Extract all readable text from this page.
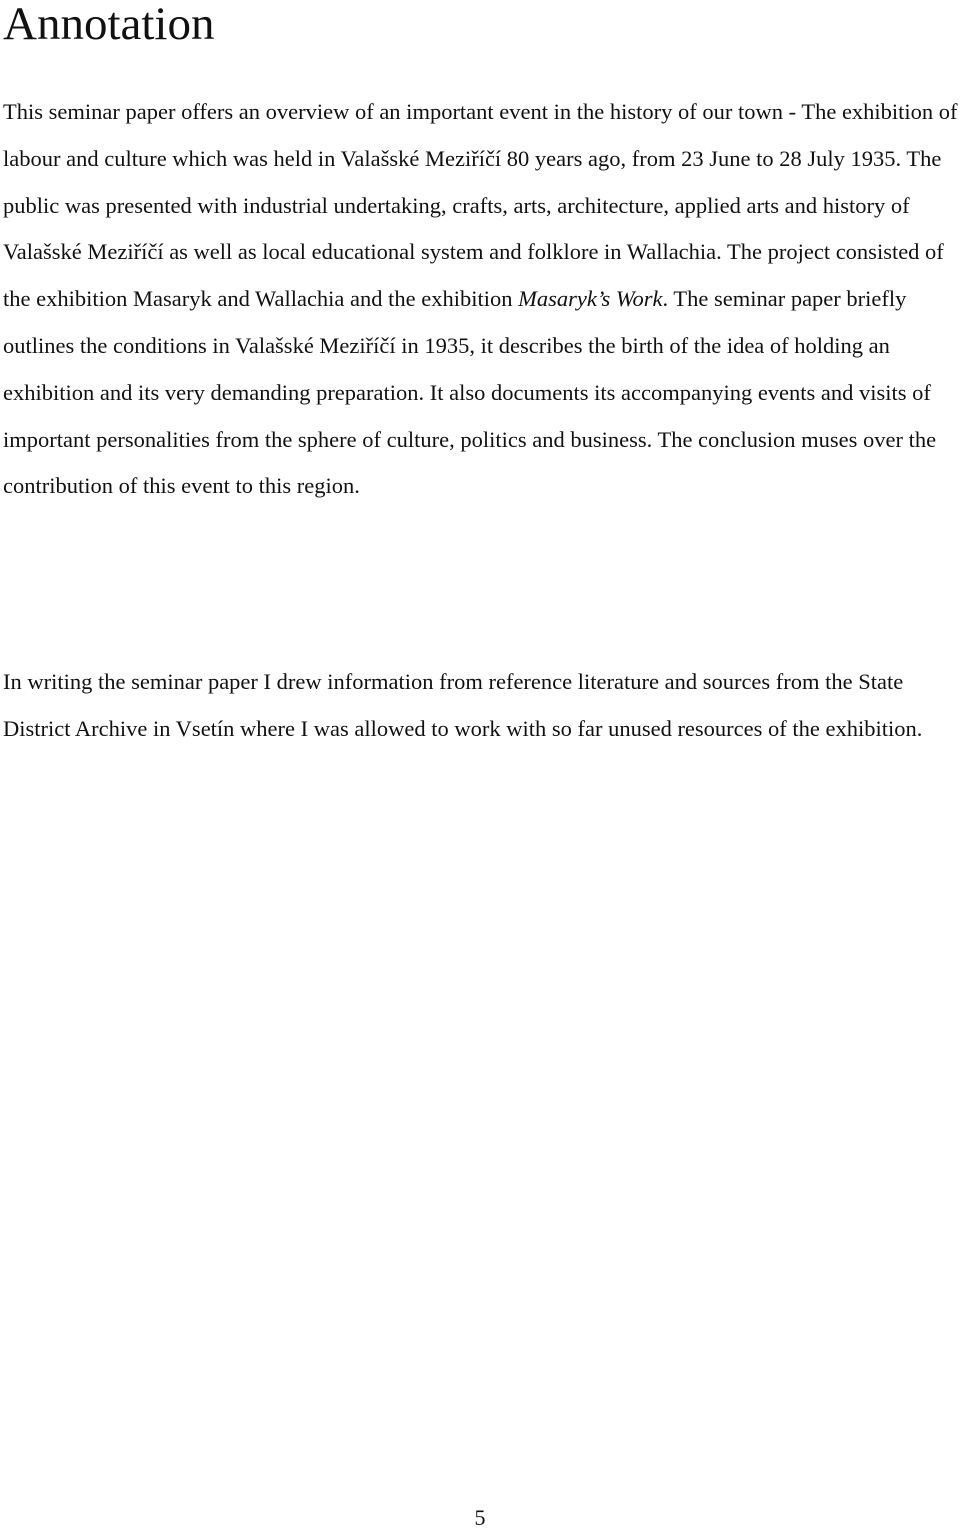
Annotation

This seminar paper offers an overview of an important event in the history of our town - The exhibition of labour and culture which was held in Valašské Meziříčí 80 years ago, from 23 June to 28 July 1935. The public was presented with industrial undertaking, crafts, arts, architecture, applied arts and history of Valašské Meziříčí as well as local educational system and folklore in Wallachia. The project consisted of the exhibition Masaryk and Wallachia and the exhibition Masaryk’s Work. The seminar paper briefly outlines the conditions in Valašské Meziříčí in 1935, it describes the birth of the idea of holding an exhibition and its very demanding preparation. It also documents its accompanying events and visits of important personalities from the sphere of culture, politics and business. The conclusion muses over the contribution of this event to this region.

In writing the seminar paper I drew information from reference literature and sources from the State District Archive in Vsetín where I was allowed to work with so far unused resources of the exhibition.

5
